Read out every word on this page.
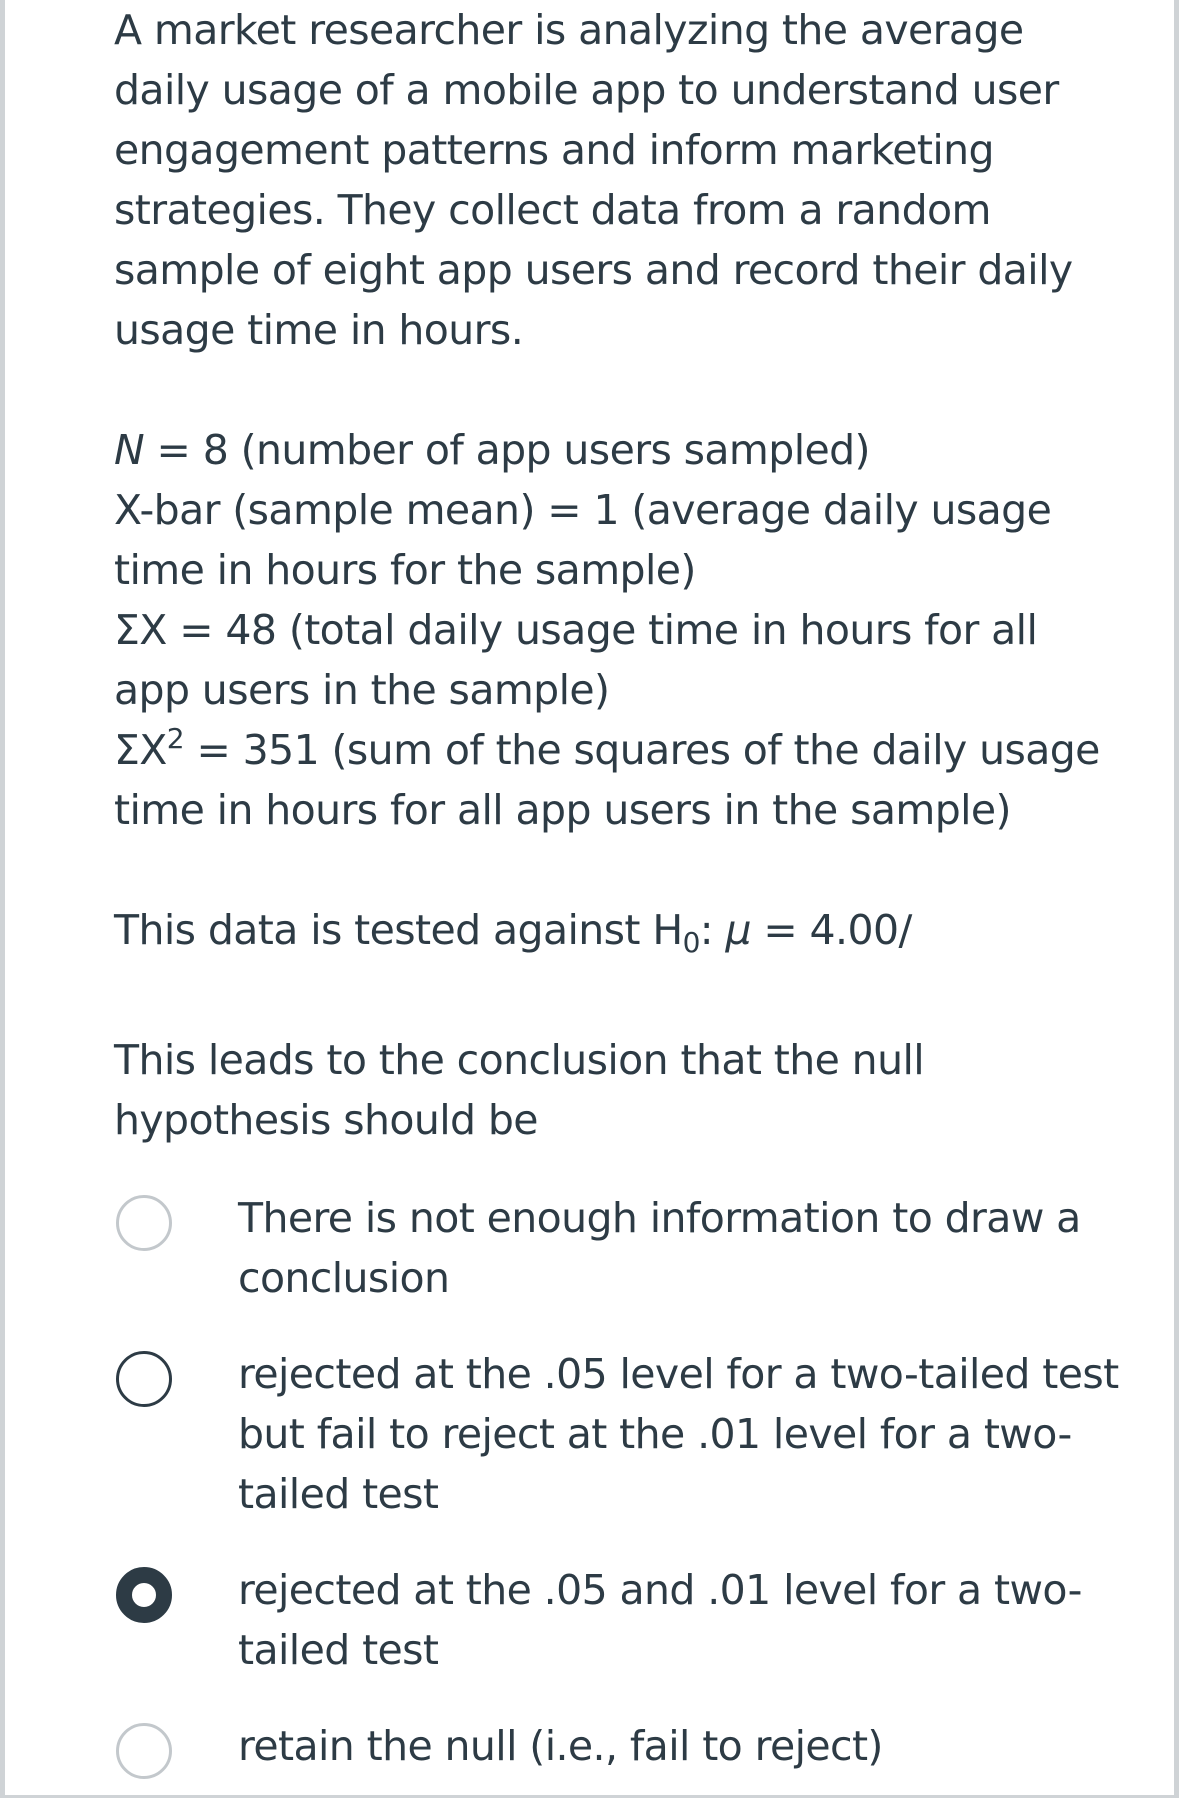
A market researcher is analyzing the average daily usage of a mobile app to understand user engagement patterns and inform marketing strategies. They collect data from a random sample of eight app users and record their daily usage time in hours.

N = 8 (number of app users sampled)

X-bar (sample mean) = 1 (average daily usage time in hours for the sample)

ΣX = 48 (total daily usage time in hours for all app users in the sample)

$\Sigma X^2 = 351$ (sum of the squares of the daily usage time in hours for all app users in the sample)

This data is tested against $H_0$: μ = 4.00/

This leads to the conclusion that the null hypothesis should be

There is not enough information to draw a conclusion
rejected at the .05 level for a two-tailed test but fail to reject at the .01 level for a two-tailed test
rejected at the .05 and .01 level for a two-tailed test
retain the null (i.e., fail to reject)
